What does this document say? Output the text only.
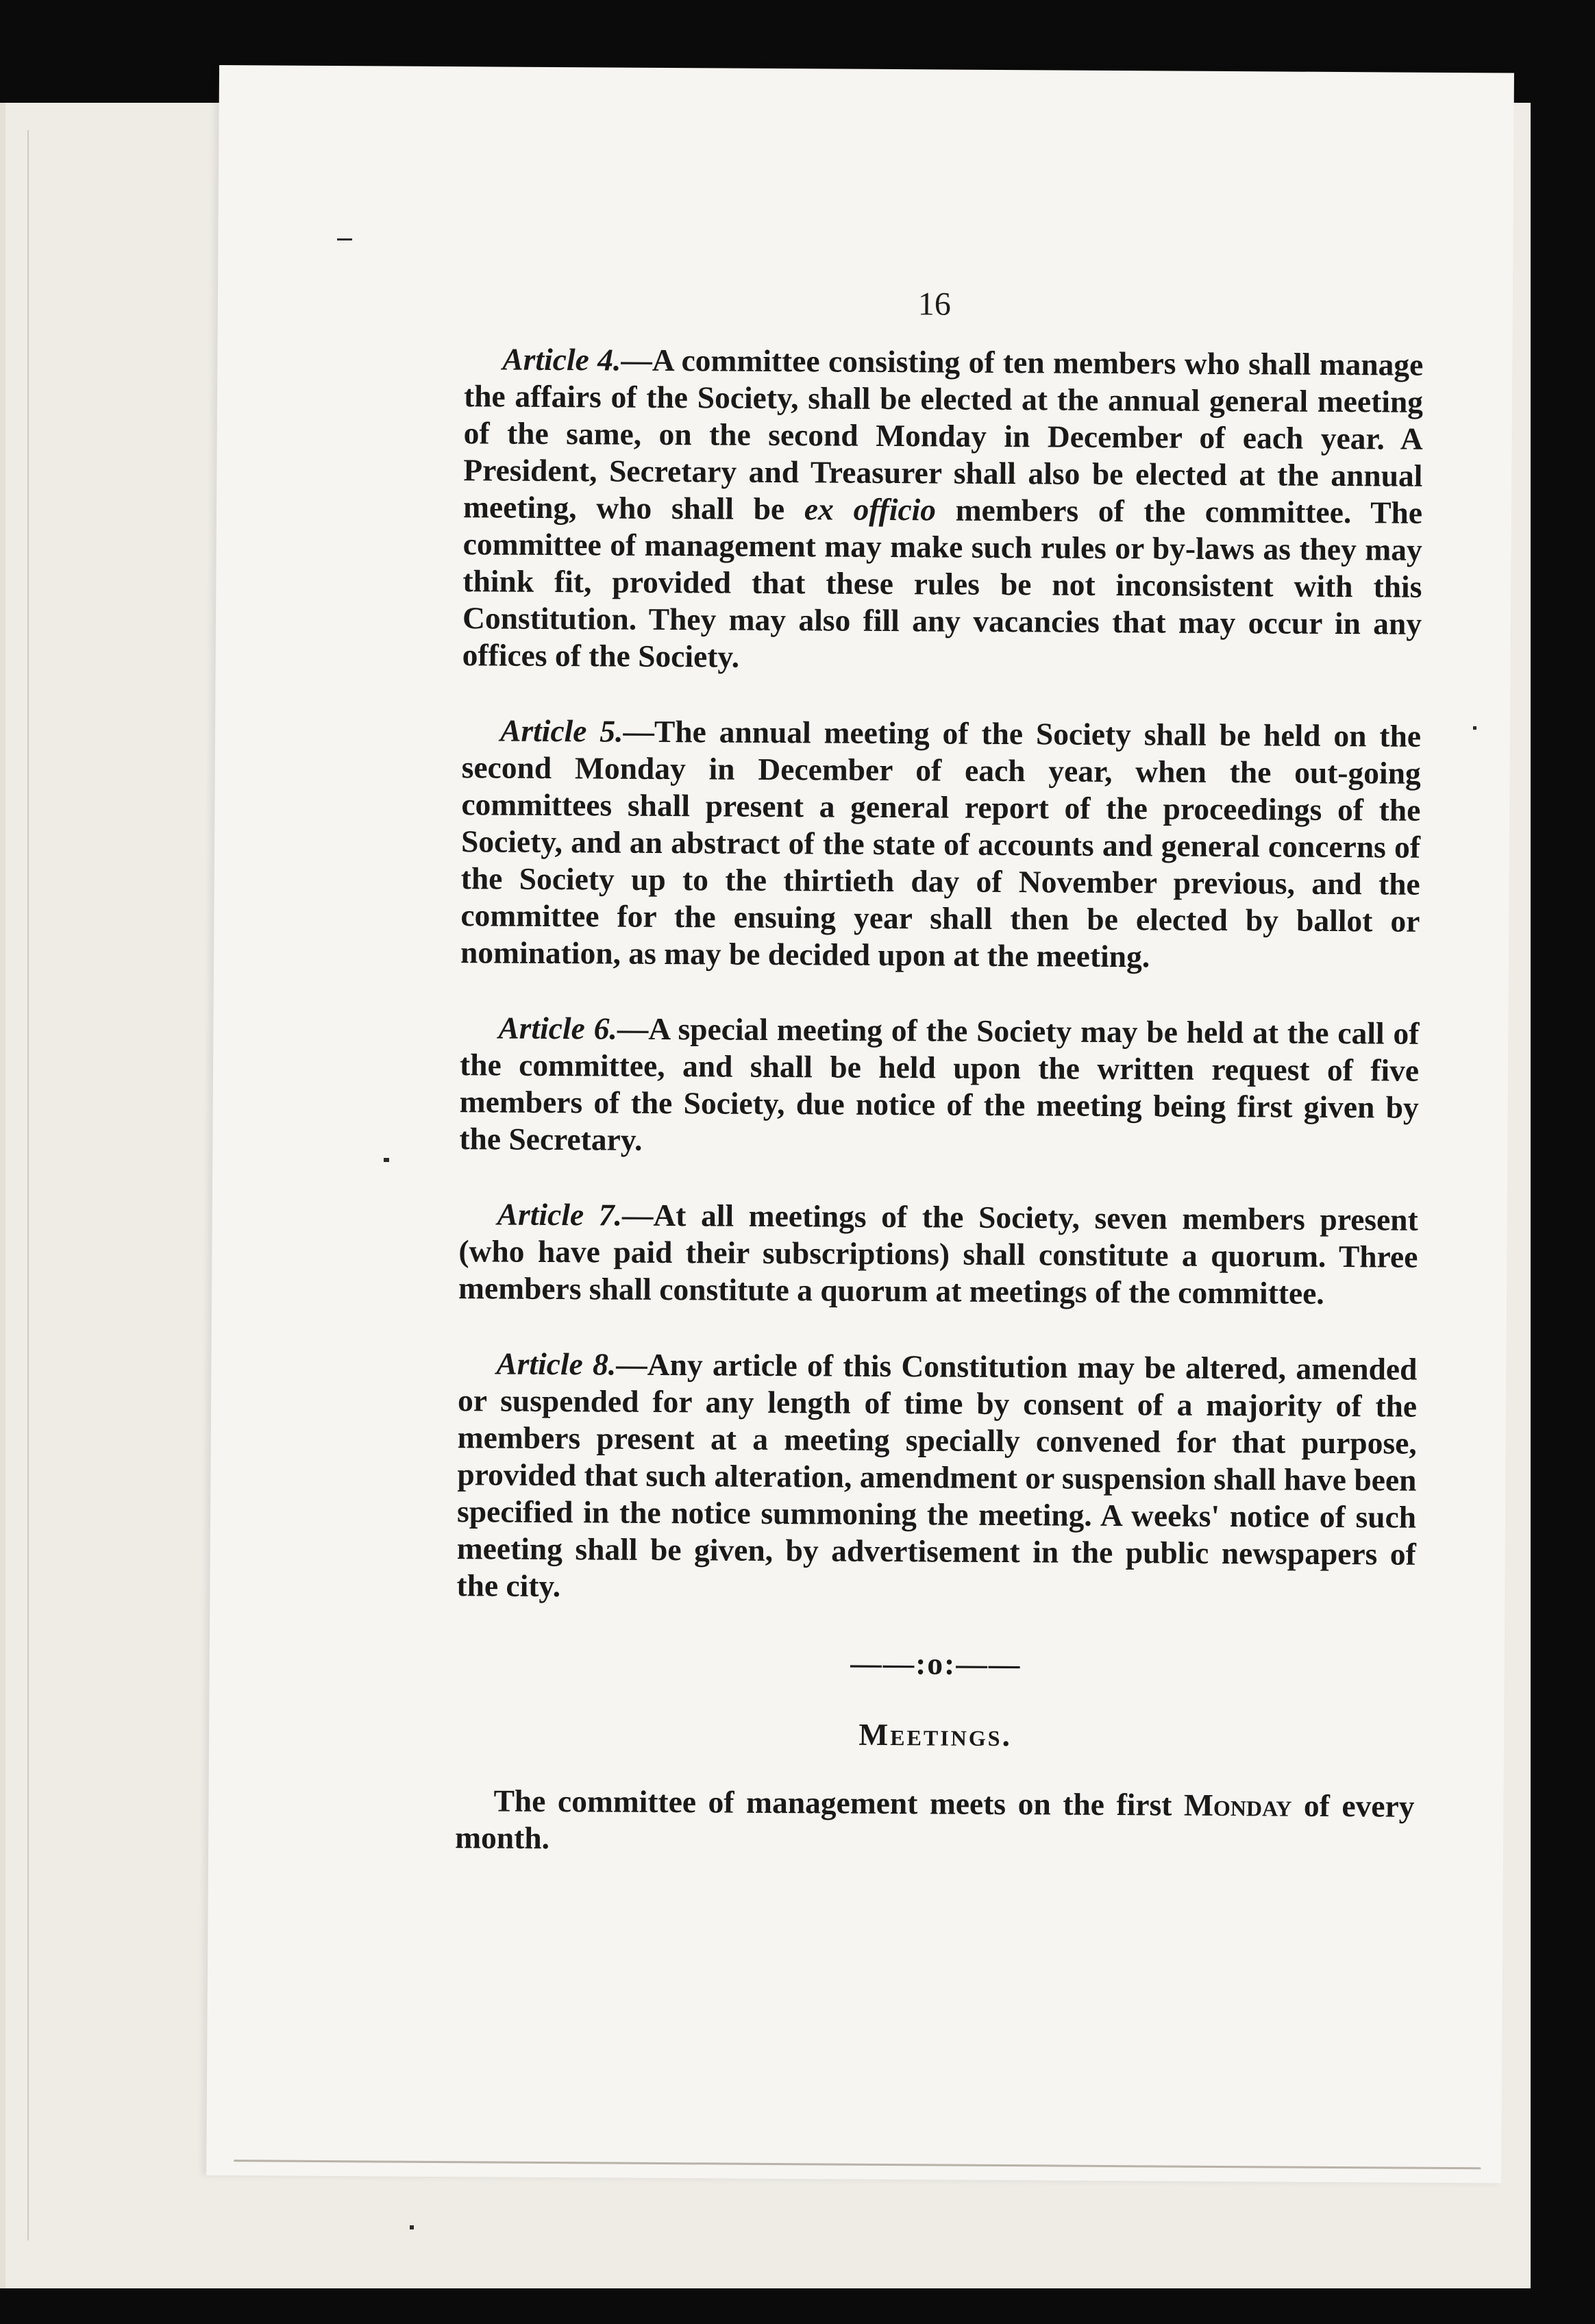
16

Article 4.—A committee consisting of ten members who shall manage the affairs of the Society, shall be elected at the annual general meeting of the same, on the second Monday in December of each year. A President, Secretary and Treasurer shall also be elected at the annual meeting, who shall be ex officio members of the committee. The committee of management may make such rules or by-laws as they may think fit, provided that these rules be not inconsistent with this Constitution. They may also fill any vacancies that may occur in any offices of the Society.

Article 5.—The annual meeting of the Society shall be held on the second Monday in December of each year, when the out-going committees shall present a general report of the proceedings of the Society, and an abstract of the state of accounts and general concerns of the Society up to the thirtieth day of November previous, and the committee for the ensuing year shall then be elected by ballot or nomination, as may be decided upon at the meeting.

Article 6.—A special meeting of the Society may be held at the call of the committee, and shall be held upon the written request of five members of the Society, due notice of the meeting being first given by the Secretary.

Article 7.—At all meetings of the Society, seven members present (who have paid their subscriptions) shall constitute a quorum. Three members shall constitute a quorum at meetings of the committee.

Article 8.—Any article of this Constitution may be altered, amended or suspended for any length of time by consent of a majority of the members present at a meeting specially convened for that purpose, provided that such alteration, amendment or suspension shall have been specified in the notice summoning the meeting. A weeks' notice of such meeting shall be given, by advertisement in the public newspapers of the city.

——:o:——
Meetings.

The committee of management meets on the first Monday of every month.
